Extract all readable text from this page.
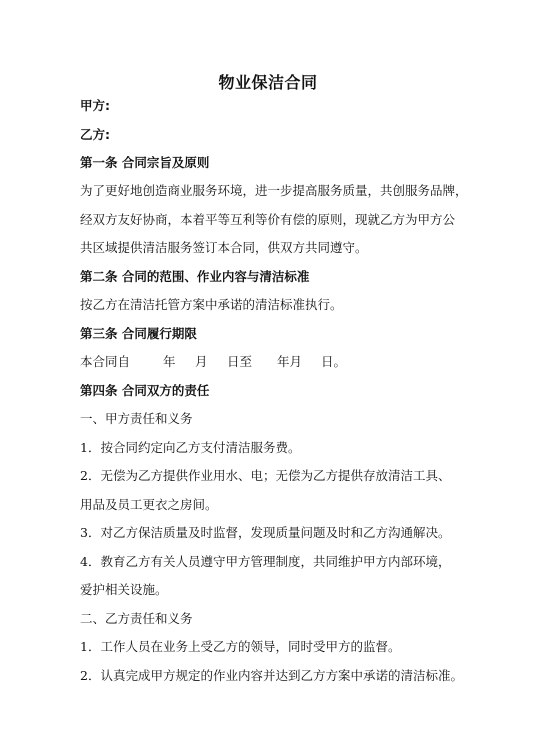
物业保洁合同
甲方:
乙方:
第一条 合同宗旨及原则
为了更好地创造商业服务环境，进一步提高服务质量，共创服务品牌，
经双方友好协商，本着平等互利等价有偿的原则，现就乙方为甲方公
共区域提供清洁服务签订本合同，供双方共同遵守。
第二条 合同的范围、作业内容与清洁标准
按乙方在清洁托管方案中承诺的清洁标准执行。
第三条 合同履行期限
本合同自	年 月 日至 年月 日。
第四条 合同双方的责任
一、甲方责任和义务
1．按合同约定向乙方支付清洁服务费。
2．无偿为乙方提供作业用水、电；无偿为乙方提供存放清洁工具、
用品及员工更衣之房间。
3．对乙方保洁质量及时监督，发现质量问题及时和乙方沟通解决。
4．教育乙方有关人员遵守甲方管理制度，共同维护甲方内部环境，
爱护相关设施。
二、乙方责任和义务
1．工作人员在业务上受乙方的领导，同时受甲方的监督。
2．认真完成甲方规定的作业内容并达到乙方方案中承诺的清洁标准。
